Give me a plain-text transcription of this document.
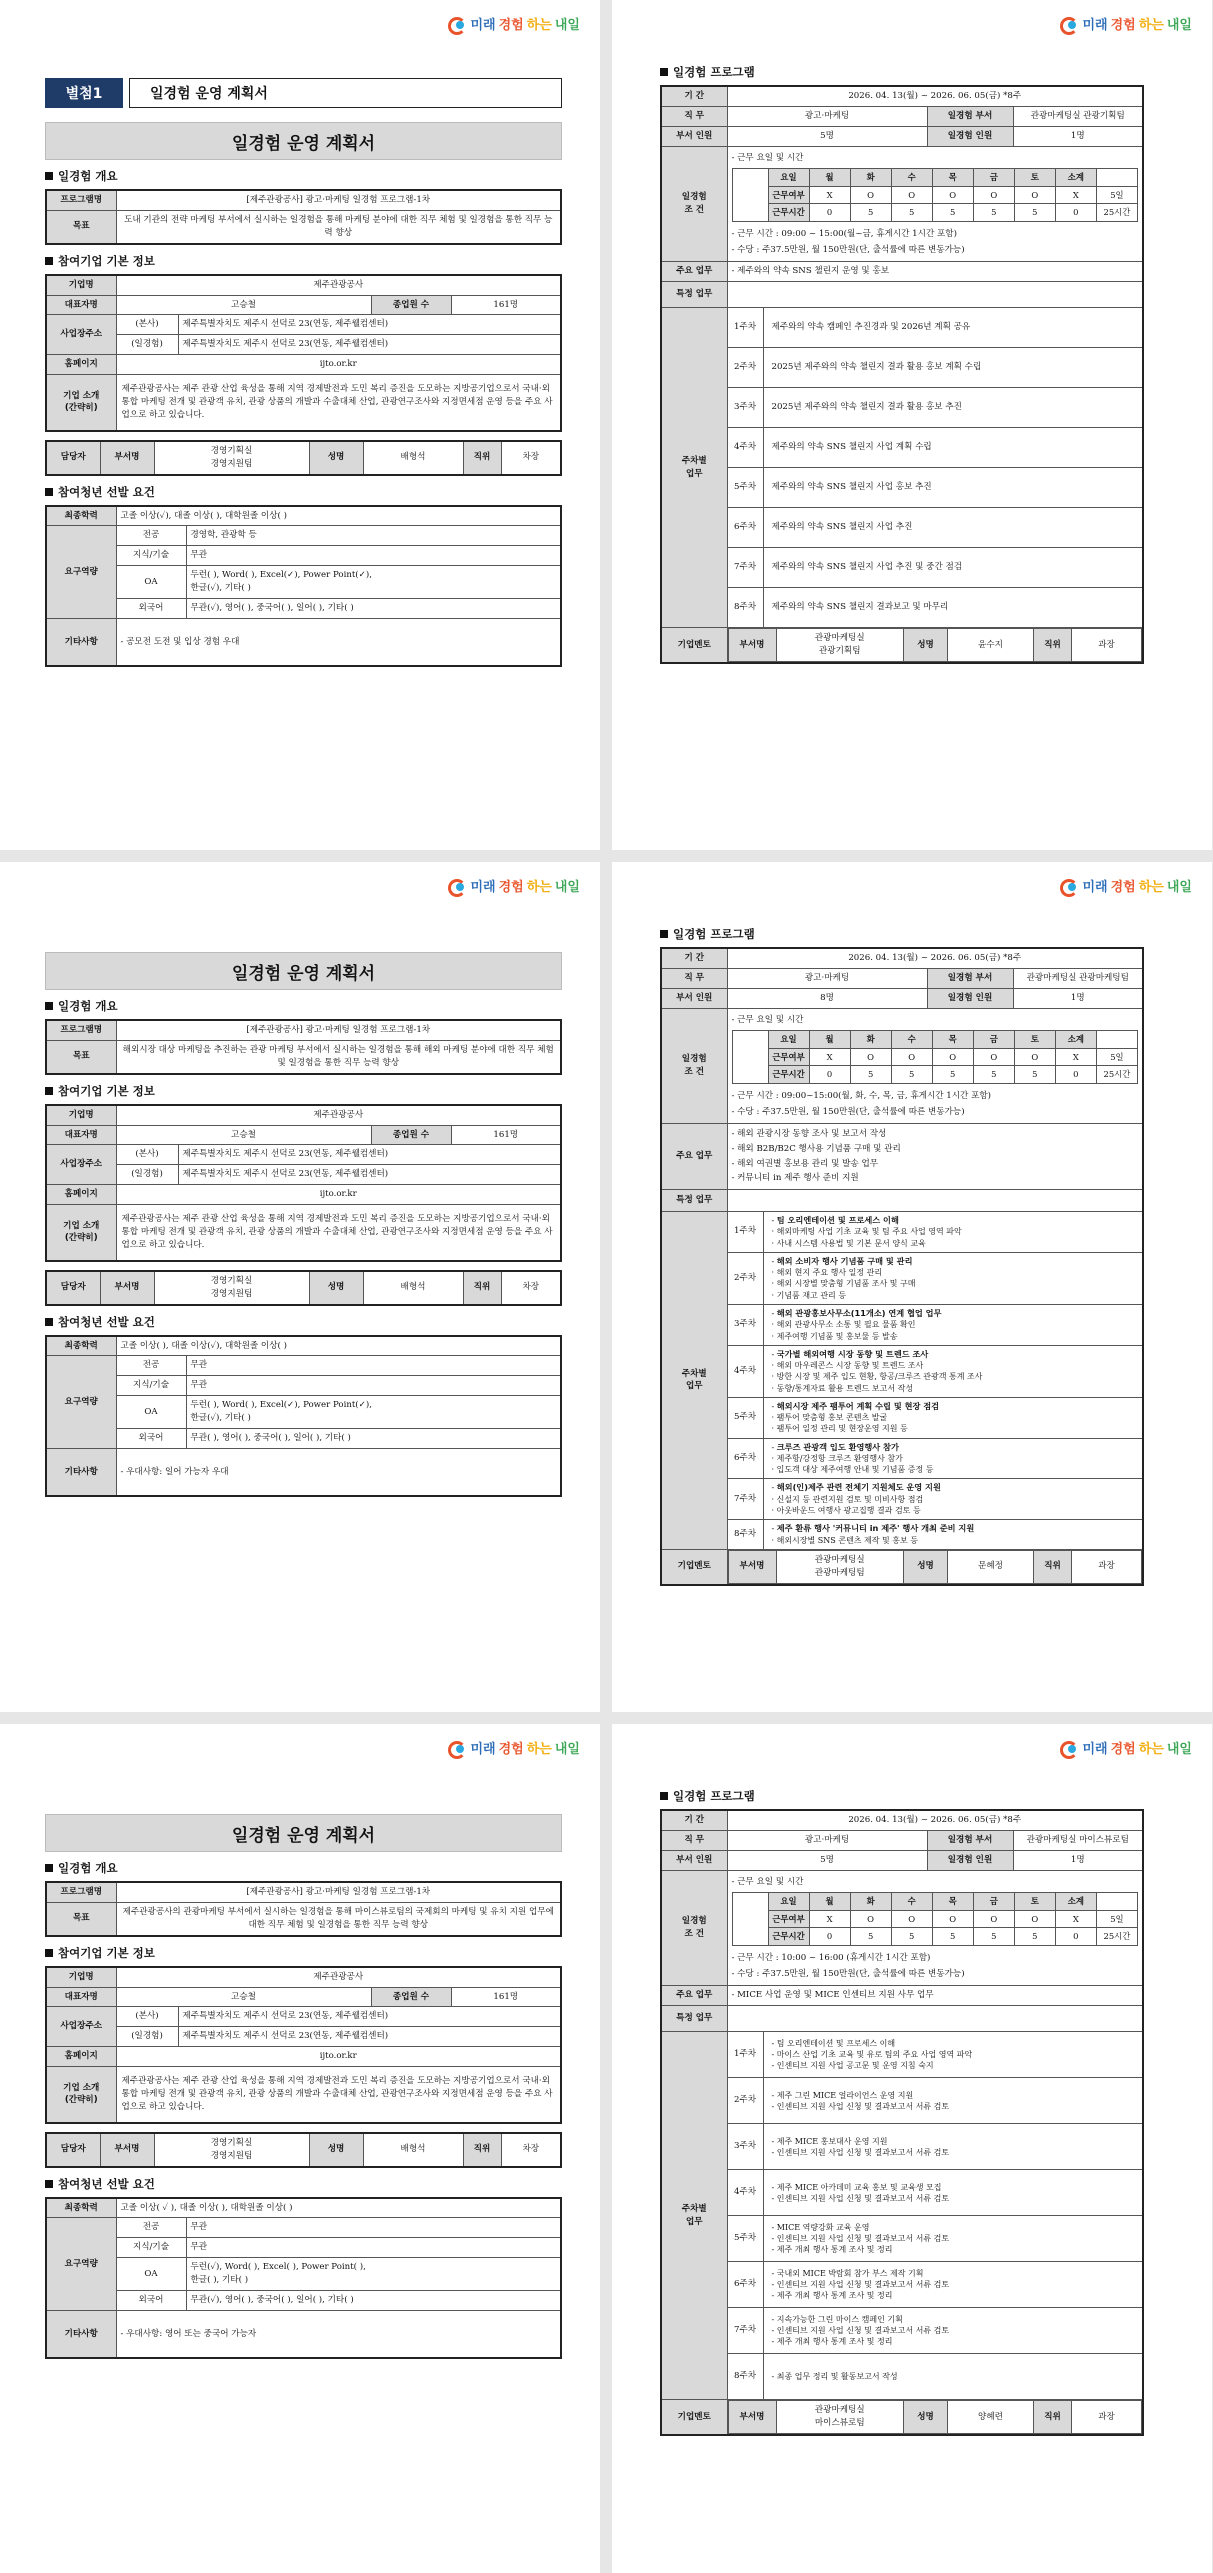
미래 경험 하는 내일
별첨1	일경험 운영 계획서
일경험 운영 계획서
일경험 개요
프로그램명	[제주관광공사] 광고·마케팅 일경험 프로그램-1차
목표	도내 기관의 전략 마케팅 부서에서 실시하는 일경험을 통해 마케팅 분야에 대한 직무 체험 및 일경험을 통한 직무 능력 향상
참여기업 기본 정보
기업명	제주관광공사			
대표자명	고승철		종업원 수	161명
사업장주소	(본사)	제주특별자치도 제주시 선덕로 23(연동, 제주웰컴센터)		
	(일경험)	제주특별자치도 제주시 선덕로 23(연동, 제주웰컴센터)		
홈페이지	ijto.or.kr			
기업 소개
(간략히)	제주관광공사는 제주 관광 산업 육성을 통해 지역 경제발전과 도민 복리 증진을 도모하는 지방공기업으로서 국내·외 통합 마케팅 전개 및 관광객 유치, 관광 상품의 개발과 수출대체 산업, 관광연구조사와 지정면세점 운영 등을 주요 사업으로 하고 있습니다.			
담당자	부서명	경영기획실
경영지원팀	성명	배형석	직위	차장
참여청년 선발 요건
최종학력	고졸 이상(✓), 대졸 이상( ), 대학원졸 이상( )	
요구역량	전공	경영학, 관광학 등
	지식/기술	무관
	OA	두런( ), Word( ), Excel(✓), Power Point(✓),
한글(✓), 기타( )
	외국어	무관(✓), 영어( ), 중국어( ), 일어( ), 기타( )
기타사항	- 공모전 도전 및 입상 경험 우대	
미래 경험 하는 내일
일경험 프로그램
기 간	2026. 04. 13(월) ~ 2026. 06. 05(금) *8주
직 무	광고·마케팅	일경험 부서	관광마케팅실 관광기획팀
부서 인원	5명	일경험 인원	1명
일경험
조 건	
- 근무 요일 및 시간
	요일	월	화	수	목	금	토	소계
	근무여부	X	O	O	O	O	O	X	5일
	근무시간	0	5	5	5	5	5	0	25시간
- 근무 시간 : 09:00 ~ 15:00(월~금, 휴게시간 1시간 포함)
- 수당 : 주37.5만원, 월 150만원(단, 출석률에 따른 변동가능)

주요 업무	- 제주와의 약속 SNS 챌린지 운영 및 홍보
특정 업무	
주차별
업무	1주차	제주와의 약속 캠페인 추진경과 및 2026년 계획 공유
2주차	2025년 제주와의 약속 챌린지 결과 활용 홍보 계획 수립
3주차	2025년 제주와의 약속 챌린지 결과 활용 홍보 추진
4주차	제주와의 약속 SNS 챌린지 사업 계획 수립
5주차	제주와의 약속 SNS 챌린지 사업 홍보 추진
6주차	제주와의 약속 SNS 챌린지 사업 추진
7주차	제주와의 약속 SNS 챌린지 사업 추진 및 중간 점검
8주차	제주와의 약속 SNS 챌린지 결과보고 및 마무리
기업멘토		부서명	관광마케팅실
관광기획팀	성명	윤수지	직위	과장
미래 경험 하는 내일
일경험 운영 계획서
일경험 개요
프로그램명	[제주관광공사] 광고·마케팅 일경험 프로그램-1차
목표	해외시장 대상 마케팅을 추진하는 관광 마케팅 부서에서 실시하는 일경험을 통해 해외 마케팅 분야에 대한 직무 체험 및 일경험을 통한 직무 능력 향상
참여기업 기본 정보
기업명	제주관광공사			
대표자명	고승철		종업원 수	161명
사업장주소	(본사)	제주특별자치도 제주시 선덕로 23(연동, 제주웰컴센터)		
	(일경험)	제주특별자치도 제주시 선덕로 23(연동, 제주웰컴센터)		
홈페이지	ijto.or.kr			
기업 소개
(간략히)	제주관광공사는 제주 관광 산업 육성을 통해 지역 경제발전과 도민 복리 증진을 도모하는 지방공기업으로서 국내·외 통합 마케팅 전개 및 관광객 유치, 관광 상품의 개발과 수출대체 산업, 관광연구조사와 지정면세점 운영 등을 주요 사업으로 하고 있습니다.			
담당자	부서명	경영기획실
경영지원팀	성명	배형석	직위	차장
참여청년 선발 요건
최종학력	고졸 이상( ), 대졸 이상(✓), 대학원졸 이상( )	
요구역량	전공	무관
	지식/기술	무관
	OA	두런( ), Word( ), Excel(✓), Power Point(✓),
한글(✓), 기타( )
	외국어	무관( ), 영어( ), 중국어( ), 일어( ), 기타( )
기타사항	- 우대사항: 일어 가능자 우대	
미래 경험 하는 내일
일경험 프로그램
기 간	2026. 04. 13(월) ~ 2026. 06. 05(금) *8주
직 무	광고·마케팅	일경험 부서	관광마케팅실 관광마케팅팀
부서 인원	8명	일경험 인원	1명
일경험
조 건	
- 근무 요일 및 시간
	요일	월	화	수	목	금	토	소계
	근무여부	X	O	O	O	O	O	X	5일
	근무시간	0	5	5	5	5	5	0	25시간
- 근무 시간 : 09:00~15:00(월, 화, 수, 목, 금, 휴게시간 1시간 포함)
- 수당 : 주37.5만원, 월 150만원(단, 출석률에 따른 변동가능)

주요 업무	- 해외 관광시장 동향 조사 및 보고서 작성
- 해외 B2B/B2C 행사용 기념품 구매 및 관리
- 해외 여권별 홍보용 관리 및 발송 업무
- 커뮤니티 in 제주 행사 준비 지원
특정 업무	
주차별
업무	1주차	
- 팀 오리엔테이션 및 프로세스 이해
· 해외마케팅 사업 기초 교육 및 팀 주요 사업 영역 파악
· 사내 시스템 사용법 및 기본 문서 양식 교육

2주차	
- 해외 소비자 행사 기념품 구매 및 관리
· 해외 현지 주요 행사 일정 관리
· 해외 시장별 맞춤형 기념품 조사 및 구매
· 기념품 재고 관리 등

3주차	
- 해외 관광홍보사무소(11개소) 연계 협업 업무
· 해외 관광사무소 소통 및 필요 물품 확인
· 제주여행 기념품 및 홍보물 등 발송

4주차	
- 국가별 해외여행 시장 동향 및 트렌드 조사
· 해외 마우레콘스 시장 동향 및 트렌드 조사
· 방한 시장 및 제주 입도 현황, 항공/크루즈 관광객 통계 조사
· 동향/통계자료 활용 트렌드 보고서 작성

5주차	
- 해외시장 제주 팸투어 계획 수립 및 현장 점검
· 팸투어 맞춤형 홍보 콘텐츠 발굴
· 팸투어 일정 관리 및 현장운영 지원 등

6주차	
- 크루즈 관광객 입도 환영행사 참가
· 제주항/강정항 크루즈 환영행사 참가
· 입도객 대상 제주여행 안내 및 기념품 증정 등

7주차	
- 해외(인)제주 관련 전체기 지원체도 운영 지원
· 신설지 등 관련지원 검토 및 미비사항 점검
· 아웃바운드 여행사 광고집행 결과 검토 등

8주차	
- 제주 환류 행사 '커뮤니티 in 제주' 행사 개최 준비 지원
· 해외시장별 SNS 콘텐츠 제작 및 홍보 등

기업멘토		부서명	관광마케팅실
관광마케팅팀	성명	문혜정	직위	과장
미래 경험 하는 내일
일경험 운영 계획서
일경험 개요
프로그램명	[제주관광공사] 광고·마케팅 일경험 프로그램-1차
목표	제주관광공사의 관광마케팅 부서에서 실시하는 일경험을 통해 마이스뷰로팀의 국제회의 마케팅 및 유치 지원 업무에 대한 직무 체험 및 일경험을 통한 직무 능력 향상
참여기업 기본 정보
기업명	제주관광공사			
대표자명	고승철		종업원 수	161명
사업장주소	(본사)	제주특별자치도 제주시 선덕로 23(연동, 제주웰컴센터)		
	(일경험)	제주특별자치도 제주시 선덕로 23(연동, 제주웰컴센터)		
홈페이지	ijto.or.kr			
기업 소개
(간략히)	제주관광공사는 제주 관광 산업 육성을 통해 지역 경제발전과 도민 복리 증진을 도모하는 지방공기업으로서 국내·외 통합 마케팅 전개 및 관광객 유치, 관광 상품의 개발과 수출대체 산업, 관광연구조사와 지정면세점 운영 등을 주요 사업으로 하고 있습니다.			
담당자	부서명	경영기획실
경영지원팀	성명	배형석	직위	차장
참여청년 선발 요건
최종학력	고졸 이상( ✓ ), 대졸 이상( ), 대학원졸 이상( )	
요구역량	전공	무관
	지식/기술	무관
	OA	두런(✓), Word( ), Excel( ), Power Point( ),
한글( ), 기타( )
	외국어	무관(✓), 영어( ), 중국어( ), 일어( ), 기타( )
기타사항	- 우대사항: 영어 또는 중국어 가능자	
미래 경험 하는 내일
일경험 프로그램
기 간	2026. 04. 13(월) ~ 2026. 06. 05(금) *8주
직 무	광고·마케팅	일경험 부서	관광마케팅실 마이스뷰로팀
부서 인원	5명	일경험 인원	1명
일경험
조 건	
- 근무 요일 및 시간
	요일	월	화	수	목	금	토	소계
	근무여부	X	O	O	O	O	O	X	5일
	근무시간	0	5	5	5	5	5	0	25시간
- 근무 시간 : 10:00 ~ 16:00 (휴게시간 1시간 포함)
- 수당 : 주37.5만원, 월 150만원(단, 출석률에 따른 변동가능)

주요 업무	- MICE 사업 운영 및 MICE 인센티브 지원 사무 업무
특정 업무	
주차별
업무	1주차	
- 팀 오리엔테이션 및 프로세스 이해
- 마이스 산업 기초 교육 및 유로 팀의 주요 사업 영역 파악
- 인센티브 지원 사업 공고문 및 운영 지침 숙지

2주차	
- 제주 그린 MICE 얼라이언스 운영 지원
- 인센티브 지원 사업 신청 및 결과보고서 서류 검토

3주차	
- 제주 MICE 홍보대사 운영 지원
- 인센티브 지원 사업 신청 및 결과보고서 서류 검토

4주차	
- 제주 MICE 아카데미 교육 홍보 및 교육생 모집
- 인센티브 지원 사업 신청 및 결과보고서 서류 검토

5주차	
- MICE 역량강화 교육 운영
- 인센티브 지원 사업 신청 및 결과보고서 서류 검토
- 제주 개최 행사 통계 조사 및 정리

6주차	
- 국내외 MICE 박람회 참가 부스 제작 기획
- 인센티브 지원 사업 신청 및 결과보고서 서류 검토
- 제주 개최 행사 통계 조사 및 정리

7주차	
- 지속가능한 그린 마이스 캠페인 기획
- 인센티브 지원 사업 신청 및 결과보고서 서류 검토
- 제주 개최 행사 통계 조사 및 정리

8주차	- 최종 업무 정리 및 활동보고서 작성

기업멘토		부서명	관광마케팅실
마이스뷰로팀	성명	양혜련	직위	과장
